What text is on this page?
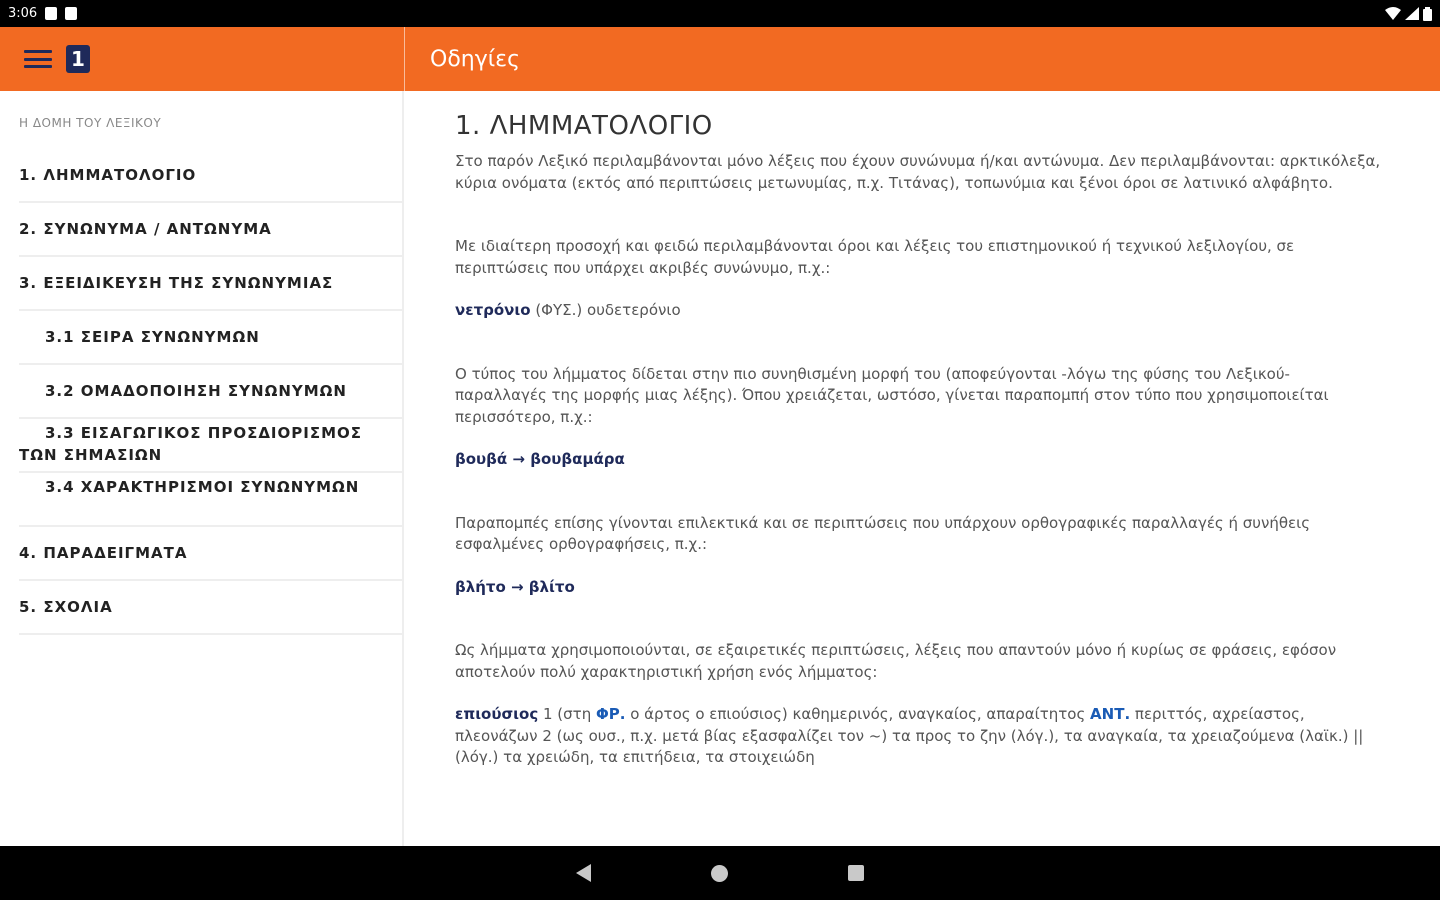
3:06
1	Οδηγίες
Η ΔΟΜΗ ΤΟΥ ΛΕΞΙΚΟΥ
1. ΛΗΜΜΑΤΟΛΟΓΙΟ
2. ΣΥΝΩΝΥΜΑ / ΑΝΤΩΝΥΜΑ
3. ΕΞΕΙΔΙΚΕΥΣΗ ΤΗΣ ΣΥΝΩΝΥΜΙΑΣ
3.1 ΣΕΙΡΑ ΣΥΝΩΝΥΜΩΝ
3.2 ΟΜΑΔΟΠΟΙΗΣΗ ΣΥΝΩΝΥΜΩΝ
3.3 ΕΙΣΑΓΩΓΙΚΟΣ ΠΡΟΣΔΙΟΡΙΣΜΟΣ ΤΩΝ ΣΗΜΑΣΙΩΝ
3.4 ΧΑΡΑΚΤΗΡΙΣΜΟΙ ΣΥΝΩΝΥΜΩΝ
4. ΠΑΡΑΔΕΙΓΜΑΤΑ
5. ΣΧΟΛΙΑ
1. ΛΗΜΜΑΤΟΛΟΓΙΟ

Στο παρόν Λεξικό περιλαμβάνονται μόνο λέξεις που έχουν συνώνυμα ή/και αντώνυμα. Δεν περιλαμβάνονται: αρκτικόλεξα, κύρια ονόματα (εκτός από περιπτώσεις μετωνυμίας, π.χ. Τιτάνας), τοπωνύμια και ξένοι όροι σε λατινικό αλφάβητο.

Με ιδιαίτερη προσοχή και φειδώ περιλαμβάνονται όροι και λέξεις του επιστημονικού ή τεχνικού λεξιλογίου, σε περιπτώσεις που υπάρχει ακριβές συνώνυμο, π.χ.:

νετρόνιο (ΦΥΣ.) ουδετερόνιο

Ο τύπος του λήμματος δίδεται στην πιο συνηθισμένη μορφή του (αποφεύγονται -λόγω της φύσης του Λεξικού- παραλλαγές της μορφής μιας λέξης). Όπου χρειάζεται, ωστόσο, γίνεται παραπομπή στον τύπο που χρησιμοποιείται περισσότερο, π.χ.:

βουβά → βουβαμάρα

Παραπομπές επίσης γίνονται επιλεκτικά και σε περιπτώσεις που υπάρχουν ορθογραφικές παραλλαγές ή συνήθεις εσφαλμένες ορθογραφήσεις, π.χ.:

βλήτο → βλίτο

Ως λήμματα χρησιμοποιούνται, σε εξαιρετικές περιπτώσεις, λέξεις που απαντούν μόνο ή κυρίως σε φράσεις, εφόσον αποτελούν πολύ χαρακτηριστική χρήση ενός λήμματος:

επιούσιος 1 (στη ΦΡ. ο άρτος ο επιούσιος) καθημερινός, αναγκαίος, απαραίτητος ΑΝΤ. περιττός, αχρείαστος, πλεονάζων 2 (ως ουσ., π.χ. μετά βίας εξασφαλίζει τον ~) τα προς το ζην (λόγ.), τα αναγκαία, τα χρειαζούμενα (λαϊκ.) || (λόγ.) τα χρειώδη, τα επιτήδεια, τα στοιχειώδη
